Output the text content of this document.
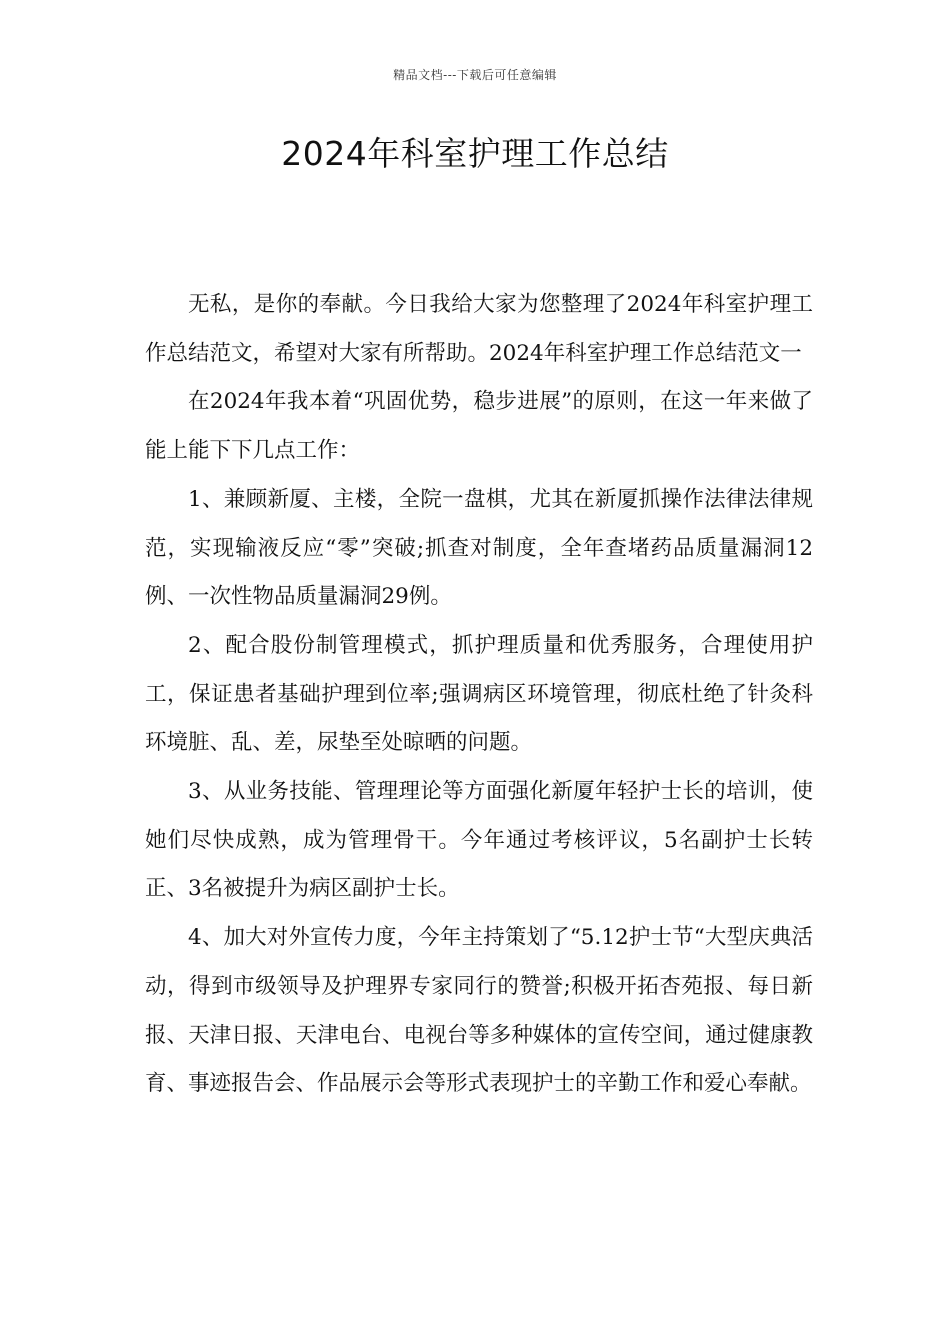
精品文档---下载后可任意编辑
2024年科室护理工作总结

无私，是你的奉献。今日我给大家为您整理了2024年科室护理工作总结范文，希望对大家有所帮助。2024年科室护理工作总结范文一

在2024年我本着“巩固优势，稳步进展”的原则，在这一年来做了能上能下下几点工作：

1、兼顾新厦、主楼，全院一盘棋，尤其在新厦抓操作法律法律规范，实现输液反应“零”突破;抓查对制度，全年查堵药品质量漏洞12例、一次性物品质量漏洞29例。

2、配合股份制管理模式，抓护理质量和优秀服务，合理使用护工，保证患者基础护理到位率;强调病区环境管理，彻底杜绝了针灸科环境脏、乱、差，尿垫至处晾晒的问题。

3、从业务技能、管理理论等方面强化新厦年轻护士长的培训，使她们尽快成熟，成为管理骨干。今年通过考核评议，5名副护士长转正、3名被提升为病区副护士长。

4、加大对外宣传力度，今年主持策划了“5.12护士节“大型庆典活动，得到市级领导及护理界专家同行的赞誉;积极开拓杏苑报、每日新报、天津日报、天津电台、电视台等多种媒体的宣传空间，通过健康教育、事迹报告会、作品展示会等形式表现护士的辛勤工作和爱心奉献。
